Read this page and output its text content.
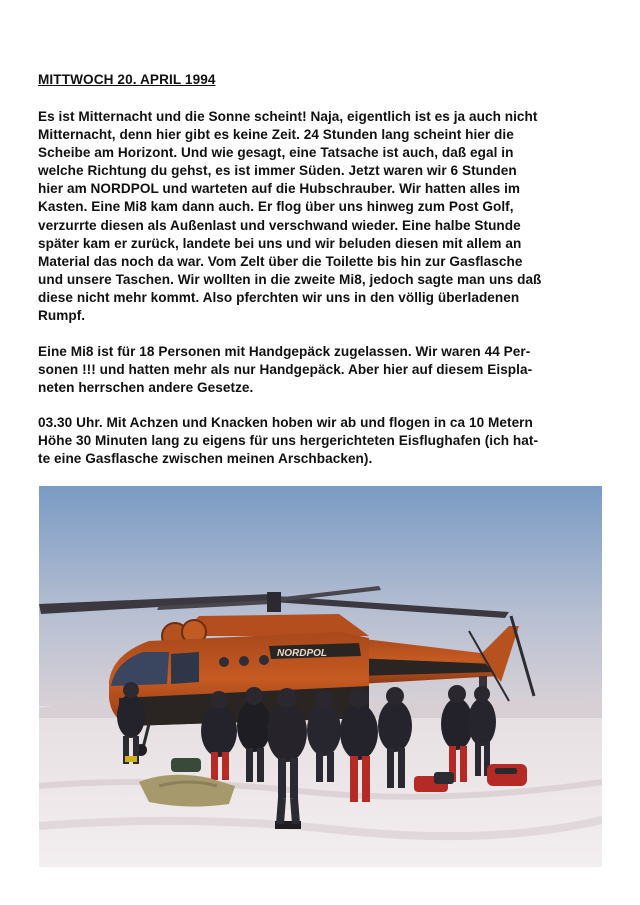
MITTWOCH 20. APRIL 1994
Es ist Mitternacht und die Sonne scheint! Naja, eigentlich ist es ja auch nicht
Mitternacht, denn hier gibt es keine Zeit. 24 Stunden lang scheint hier die
Scheibe am Horizont. Und wie gesagt, eine Tatsache ist auch, daß egal in
welche Richtung du gehst, es ist immer Süden. Jetzt waren wir 6 Stunden
hier am NORDPOL und warteten auf die Hubschrauber. Wir hatten alles im
Kasten. Eine Mi8 kam dann auch. Er flog über uns hinweg zum Post Golf,
verzurrte diesen als Außenlast und verschwand wieder. Eine halbe Stunde
später kam er zurück, landete bei uns und wir beluden diesen mit allem an
Material das noch da war. Vom Zelt über die Toilette bis hin zur Gasflasche
und unsere Taschen. Wir wollten in die zweite Mi8, jedoch sagte man uns daß
diese nicht mehr kommt. Also pferchten wir uns in den völlig überladenen
Rumpf.
Eine Mi8 ist für 18 Personen mit Handgepäck zugelassen. Wir waren 44 Per-
sonen !!! und hatten mehr als nur Handgepäck. Aber hier auf diesem Eispla-
neten herrschen andere Gesetze.
03.30 Uhr. Mit Achzen und Knacken hoben wir ab und flogen in ca 10 Metern
Höhe 30 Minuten lang zu eigens für uns hergerichteten Eisflughafen (ich hat-
te eine Gasflasche zwischen meinen Arschbacken).
NORDPOL
